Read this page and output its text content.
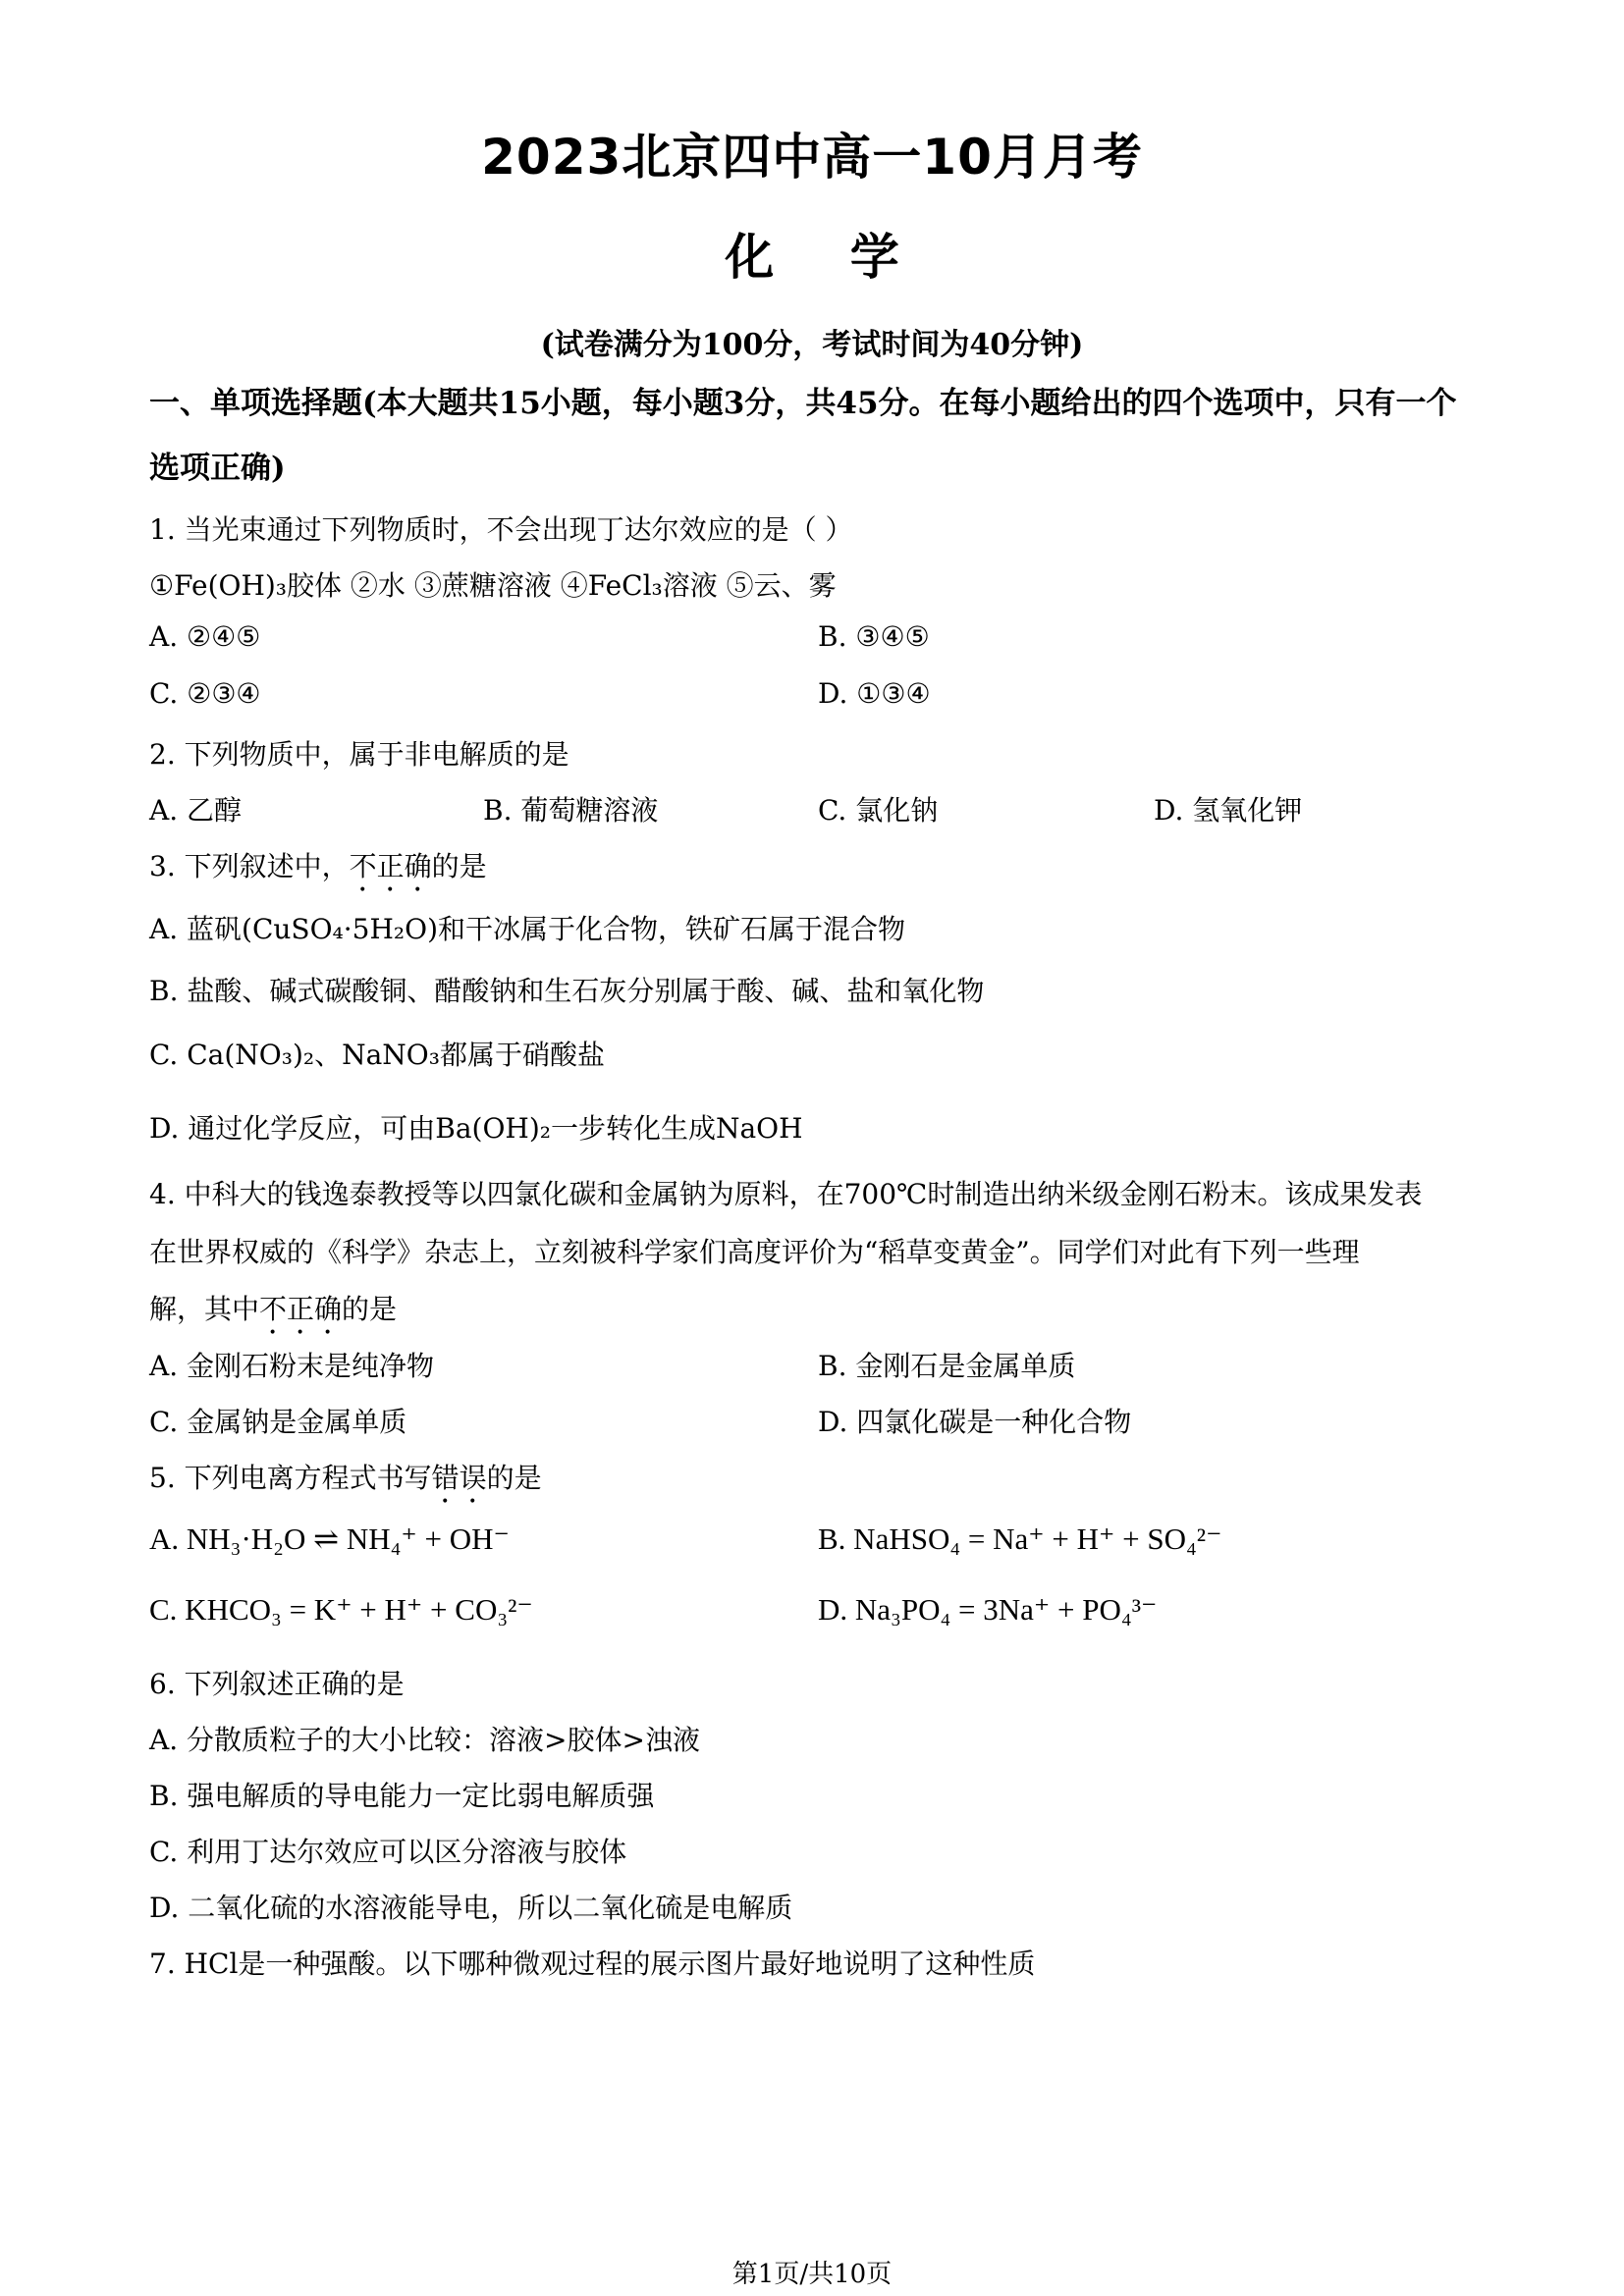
2023北京四中高一10月月考
化 学
(试卷满分为100分，考试时间为40分钟)
一、单项选择题(本大题共15小题，每小题3分，共45分。在每小题给出的四个选项中，只有一个选项正确)
1. 当光束通过下列物质时，不会出现丁达尔效应的是（ ）
①Fe(OH)₃胶体 ②水 ③蔗糖溶液 ④FeCl₃溶液 ⑤云、雾
A. ②④⑤	B. ③④⑤
C. ②③④	D. ①③④
2. 下列物质中，属于非电解质的是
A. 乙醇	B. 葡萄糖溶液	C. 氯化钠	D. 氢氧化钾
3. 下列叙述中，不正确的是
A. 蓝矾(CuSO₄·5H₂O)和干冰属于化合物，铁矿石属于混合物
B. 盐酸、碱式碳酸铜、醋酸钠和生石灰分别属于酸、碱、盐和氧化物
C. Ca(NO₃)₂、NaNO₃都属于硝酸盐
D. 通过化学反应，可由Ba(OH)₂一步转化生成NaOH
4. 中科大的钱逸泰教授等以四氯化碳和金属钠为原料，在700℃时制造出纳米级金刚石粉末。该成果发表
在世界权威的《科学》杂志上，立刻被科学家们高度评价为“稻草变黄金”。同学们对此有下列一些理
解，其中不正确的是
A. 金刚石粉末是纯净物	B. 金刚石是金属单质
C. 金属钠是金属单质	D. 四氯化碳是一种化合物
5. 下列电离方程式书写错误的是
A. NH₃·H₂O ⇌ NH₄⁺ + OH⁻	B. NaHSO₄ = Na⁺ + H⁺ + SO₄²⁻
C. KHCO₃ = K⁺ + H⁺ + CO₃²⁻	D. Na₃PO₄ = 3Na⁺ + PO₄³⁻
6. 下列叙述正确的是
A. 分散质粒子的大小比较：溶液>胶体>浊液
B. 强电解质的导电能力一定比弱电解质强
C. 利用丁达尔效应可以区分溶液与胶体
D. 二氧化硫的水溶液能导电，所以二氧化硫是电解质
7. HCl是一种强酸。以下哪种微观过程的展示图片最好地说明了这种性质
第1页/共10页
